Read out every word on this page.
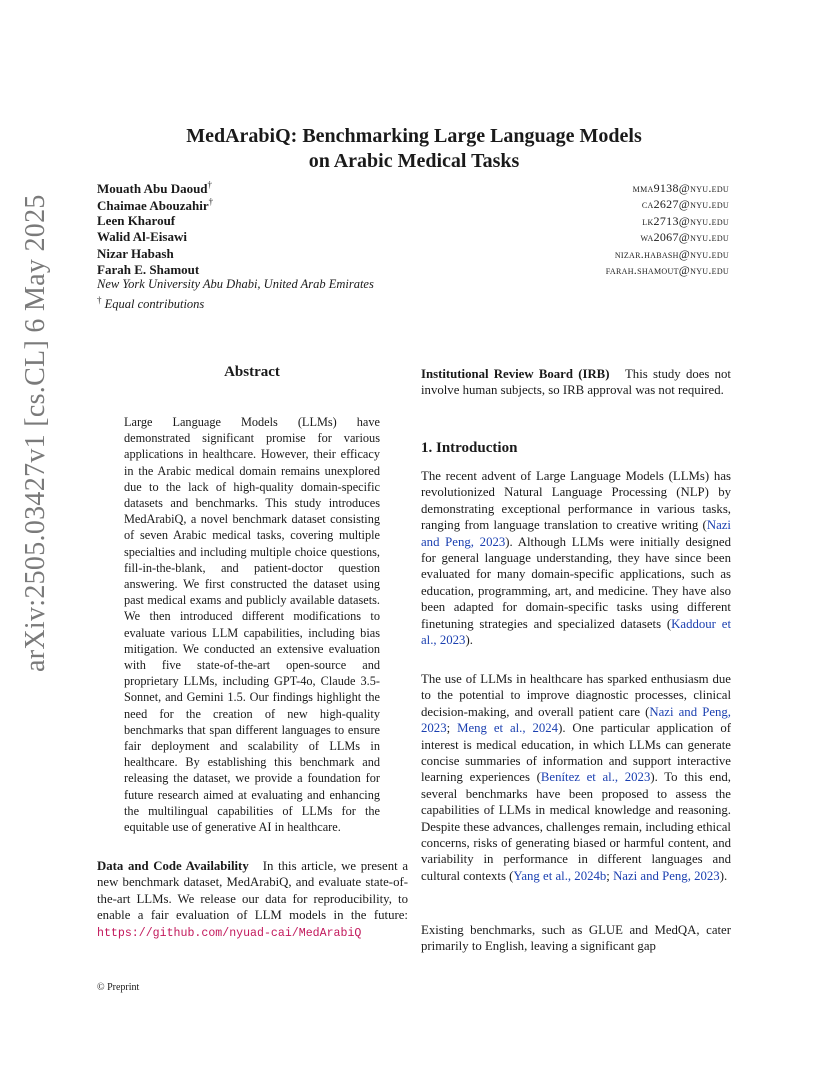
arXiv:2505.03427v1 [cs.CL] 6 May 2025
MedArabiQ: Benchmarking Large Language Models
on Arabic Medical Tasks
Mouath Abu Daoud†	mma9138@nyu.edu
Chaimae Abouzahir†	ca2627@nyu.edu
Leen Kharouf	lk2713@nyu.edu
Walid Al-Eisawi	wa2067@nyu.edu
Nizar Habash	nizar.habash@nyu.edu
Farah E. Shamout	farah.shamout@nyu.edu
New York University Abu Dhabi, United Arab Emirates
† Equal contributions
Abstract
Large Language Models (LLMs) have demonstrated significant promise for various applications in healthcare. However, their efficacy in the Arabic medical domain remains unexplored due to the lack of high-quality domain-specific datasets and benchmarks. This study introduces MedArabiQ, a novel benchmark dataset consisting of seven Arabic medical tasks, covering multiple specialties and including multiple choice questions, fill-in-the-blank, and patient-doctor question answering. We first constructed the dataset using past medical exams and publicly available datasets. We then introduced different modifications to evaluate various LLM capabilities, including bias mitigation. We conducted an extensive evaluation with five state-of-the-art open-source and proprietary LLMs, including GPT-4o, Claude 3.5-Sonnet, and Gemini 1.5. Our findings highlight the need for the creation of new high-quality benchmarks that span different languages to ensure fair deployment and scalability of LLMs in healthcare. By establishing this benchmark and releasing the dataset, we provide a foundation for future research aimed at evaluating and enhancing the multilingual capabilities of LLMs for the equitable use of generative AI in healthcare.
Data and Code Availability In this article, we present a new benchmark dataset, MedArabiQ, and evaluate state-of-the-art LLMs. We release our data for reproducibility, to enable a fair evaluation of LLM models in the future: https://github.com/nyuad-cai/MedArabiQ
Institutional Review Board (IRB) This study does not involve human subjects, so IRB approval was not required.
1. Introduction
The recent advent of Large Language Models (LLMs) has revolutionized Natural Language Processing (NLP) by demonstrating exceptional performance in various tasks, ranging from language translation to creative writing (Nazi and Peng, 2023). Although LLMs were initially designed for general language understanding, they have since been evaluated for many domain-specific applications, such as education, programming, art, and medicine. They have also been adapted for domain-specific tasks using different finetuning strategies and specialized datasets (Kaddour et al., 2023).
The use of LLMs in healthcare has sparked enthusiasm due to the potential to improve diagnostic processes, clinical decision-making, and overall patient care (Nazi and Peng, 2023; Meng et al., 2024). One particular application of interest is medical education, in which LLMs can generate concise summaries of information and support interactive learning experiences (Benítez et al., 2023). To this end, several benchmarks have been proposed to assess the capabilities of LLMs in medical knowledge and reasoning. Despite these advances, challenges remain, including ethical concerns, risks of generating biased or harmful content, and variability in performance in different languages and cultural contexts (Yang et al., 2024b; Nazi and Peng, 2023).
Existing benchmarks, such as GLUE and MedQA, cater primarily to English, leaving a significant gap
© Preprint
